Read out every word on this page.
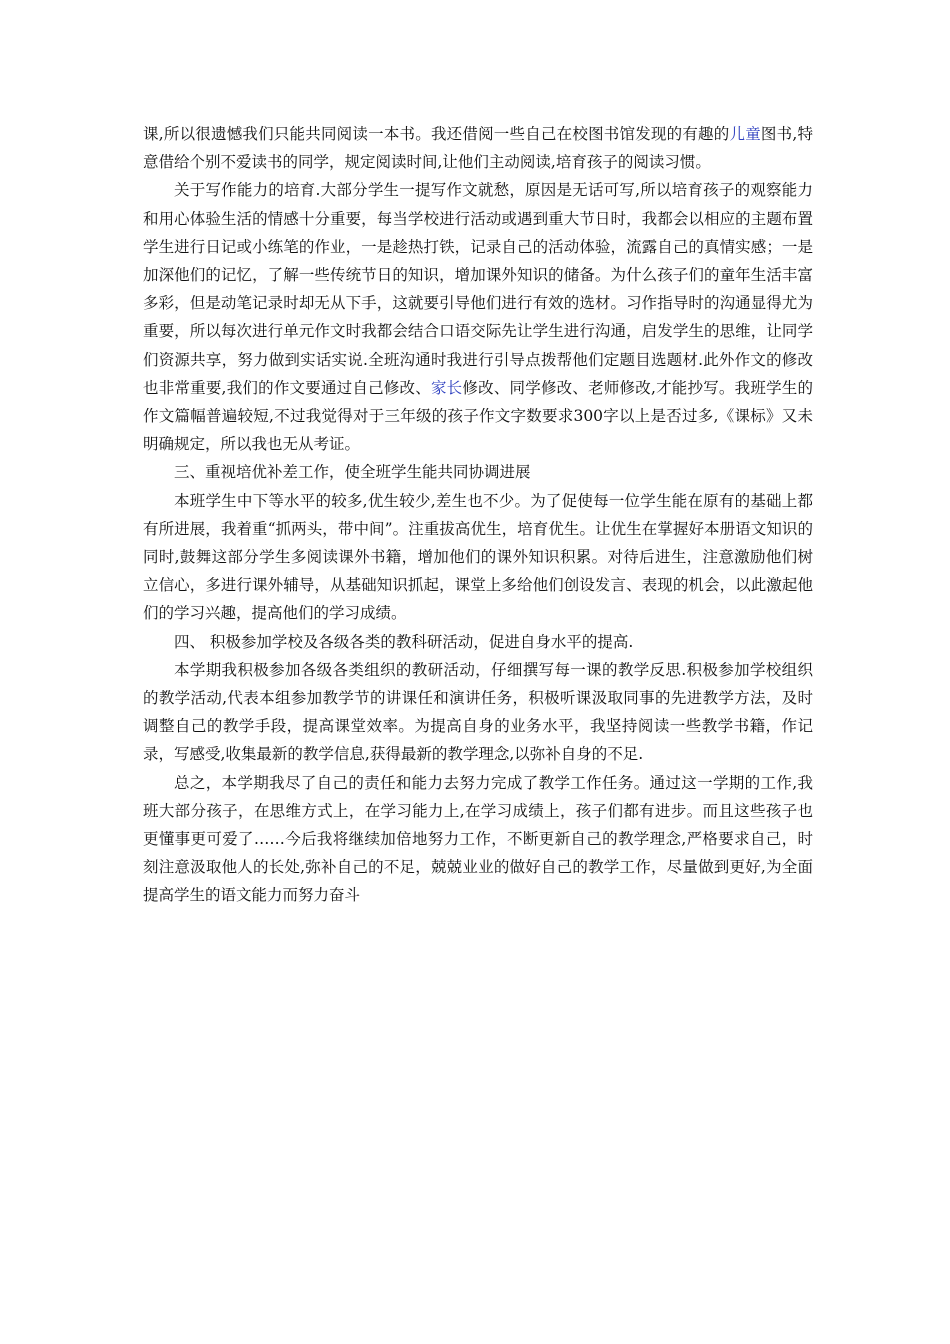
课,所以很遗憾我们只能共同阅读一本书。我还借阅一些自己在校图书馆发现的有趣的儿童图书,特意借给个别不爱读书的同学，规定阅读时间,让他们主动阅读,培育孩子的阅读习惯。

关于写作能力的培育.大部分学生一提写作文就愁，原因是无话可写,所以培育孩子的观察能力和用心体验生活的情感十分重要，每当学校进行活动或遇到重大节日时，我都会以相应的主题布置学生进行日记或小练笔的作业，一是趁热打铁，记录自己的活动体验，流露自己的真情实感；一是加深他们的记忆，了解一些传统节日的知识，增加课外知识的储备。为什么孩子们的童年生活丰富多彩，但是动笔记录时却无从下手，这就要引导他们进行有效的选材。习作指导时的沟通显得尤为重要，所以每次进行单元作文时我都会结合口语交际先让学生进行沟通，启发学生的思维，让同学们资源共享，努力做到实话实说.全班沟通时我进行引导点拨帮他们定题目选题材.此外作文的修改也非常重要,我们的作文要通过自己修改、家长修改、同学修改、老师修改,才能抄写。我班学生的作文篇幅普遍较短,不过我觉得对于三年级的孩子作文字数要求300字以上是否过多,《课标》又未明确规定，所以我也无从考证。

三、重视培优补差工作，使全班学生能共同协调进展

本班学生中下等水平的较多,优生较少,差生也不少。为了促使每一位学生能在原有的基础上都有所进展，我着重“抓两头，带中间”。注重拔高优生，培育优生。让优生在掌握好本册语文知识的同时,鼓舞这部分学生多阅读课外书籍，增加他们的课外知识积累。对待后进生，注意激励他们树立信心，多进行课外辅导，从基础知识抓起，课堂上多给他们创设发言、表现的机会，以此激起他们的学习兴趣，提高他们的学习成绩。

四、 积极参加学校及各级各类的教科研活动，促进自身水平的提高.

本学期我积极参加各级各类组织的教研活动，仔细撰写每一课的教学反思.积极参加学校组织的教学活动,代表本组参加教学节的讲课任和演讲任务，积极听课汲取同事的先进教学方法，及时调整自己的教学手段，提高课堂效率。为提高自身的业务水平，我坚持阅读一些教学书籍，作记录，写感受,收集最新的教学信息,获得最新的教学理念,以弥补自身的不足.

总之，本学期我尽了自己的责任和能力去努力完成了教学工作任务。通过这一学期的工作,我班大部分孩子，在思维方式上，在学习能力上,在学习成绩上，孩子们都有进步。而且这些孩子也更懂事更可爱了……今后我将继续加倍地努力工作，不断更新自己的教学理念,严格要求自己，时刻注意汲取他人的长处,弥补自己的不足，兢兢业业的做好自己的教学工作，尽量做到更好,为全面提高学生的语文能力而努力奋斗
